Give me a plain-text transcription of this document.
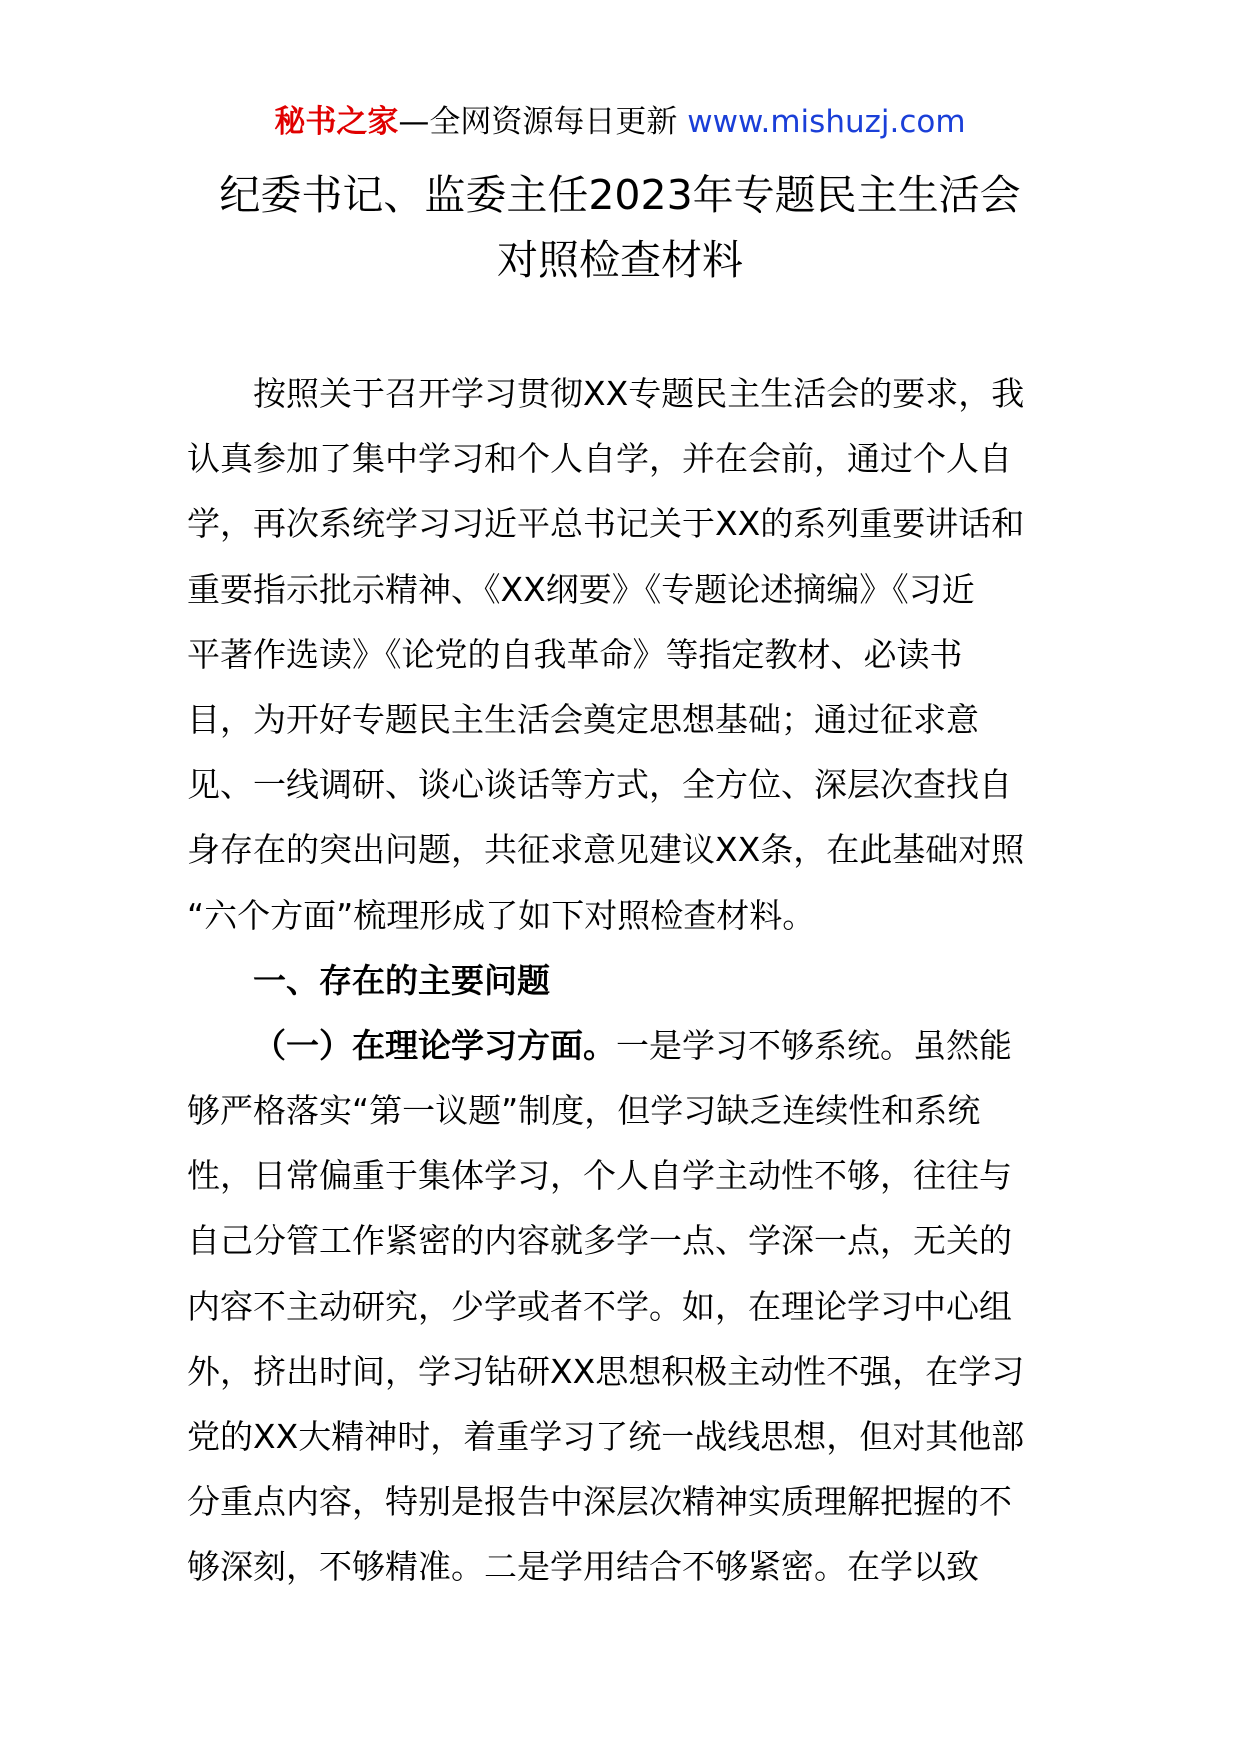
秘书之家—全网资源每日更新 www.mishuzj.com
纪委书记、监委主任2023年专题民主生活会
对照检查材料
按照关于召开学习贯彻XX专题民主生活会的要求，我
认真参加了集中学习和个人自学，并在会前，通过个人自
学，再次系统学习习近平总书记关于XX的系列重要讲话和
重要指示批示精神、《XX纲要》《专题论述摘编》《习近
平著作选读》《论党的自我革命》等指定教材、必读书
目，为开好专题民主生活会奠定思想基础；通过征求意
见、一线调研、谈心谈话等方式，全方位、深层次查找自
身存在的突出问题，共征求意见建议XX条，在此基础对照
“六个方面”梳理形成了如下对照检查材料。
一、存在的主要问题
（一）在理论学习方面。一是学习不够系统。虽然能
够严格落实“第一议题”制度，但学习缺乏连续性和系统
性，日常偏重于集体学习，个人自学主动性不够，往往与
自己分管工作紧密的内容就多学一点、学深一点，无关的
内容不主动研究，少学或者不学。如，在理论学习中心组
外，挤出时间，学习钻研XX思想积极主动性不强，在学习
党的XX大精神时，着重学习了统一战线思想，但对其他部
分重点内容，特别是报告中深层次精神实质理解把握的不
够深刻，不够精准。二是学用结合不够紧密。在学以致
